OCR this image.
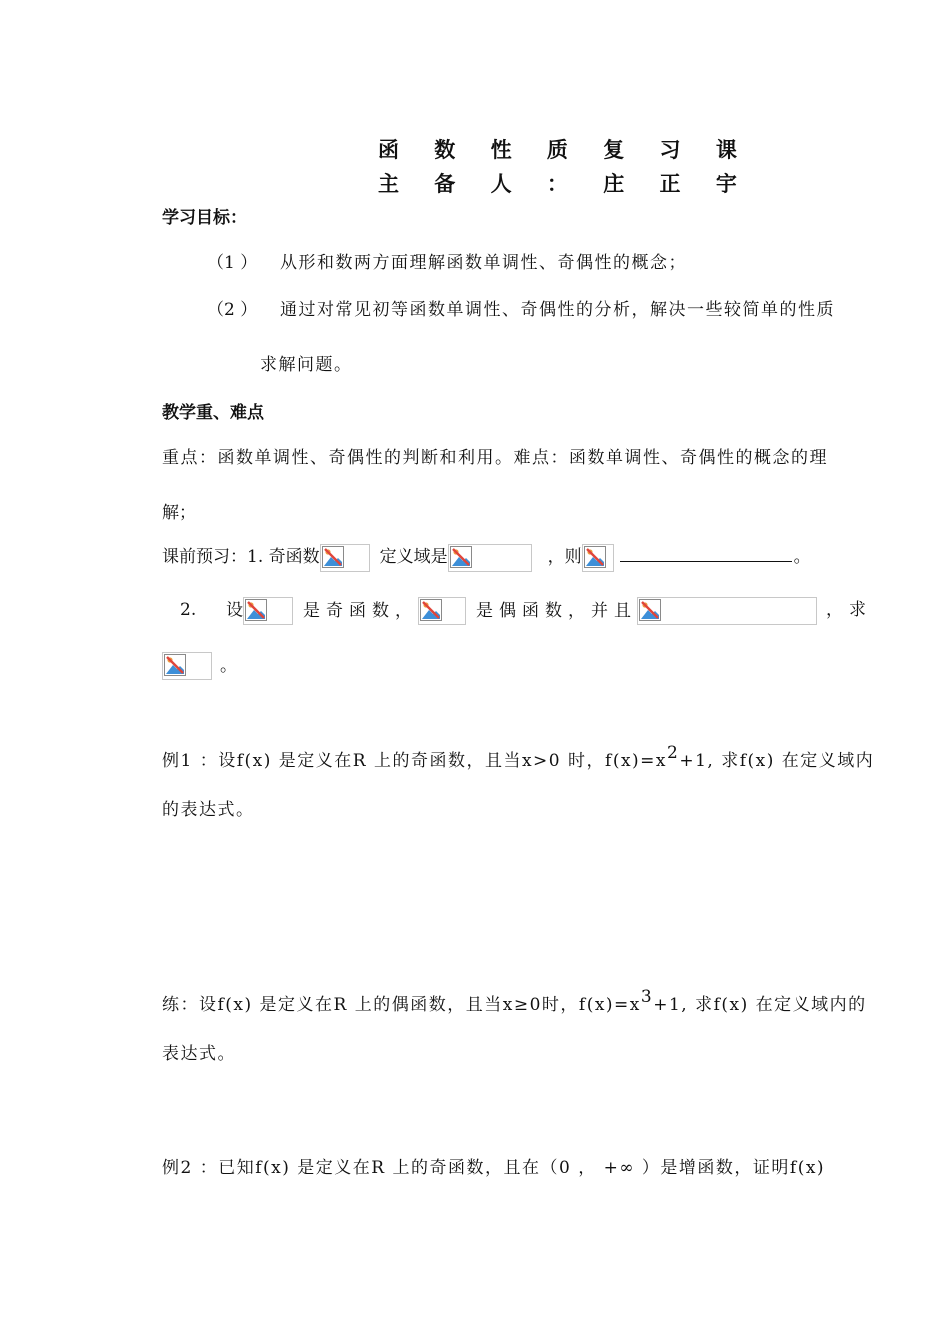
函 数 性 质 复 习 课
主 备 人 ： 庄 正 宇
学习目标：
（1 ） 从形和数两方面理解函数单调性、奇偶性的概念；
（2 ） 通过对常见初等函数单调性、奇偶性的分析，解决一些较简单的性质
求解问题。
教学重、难点
重点：函数单调性、奇偶性的判断和利用。难点：函数单调性、奇偶性的概念的理
解；
课前预习：1. 奇函数	定义域是	，则	。
2. 设	是奇函数，	是偶函数，并且	，求
。
例1 ：设f(x) 是定义在R 上的奇函数，且当x>0 时，$f(x)=x^2+1$, 求f(x) 在定义域内
的表达式。
练：设f(x) 是定义在R 上的偶函数，且当x≥0时，$f(x)=x^3+1$, 求f(x) 在定义域内的
表达式。
例2 ：已知f(x) 是定义在R 上的奇函数，且在（0 ， +∞ ）是增函数，证明f(x)
